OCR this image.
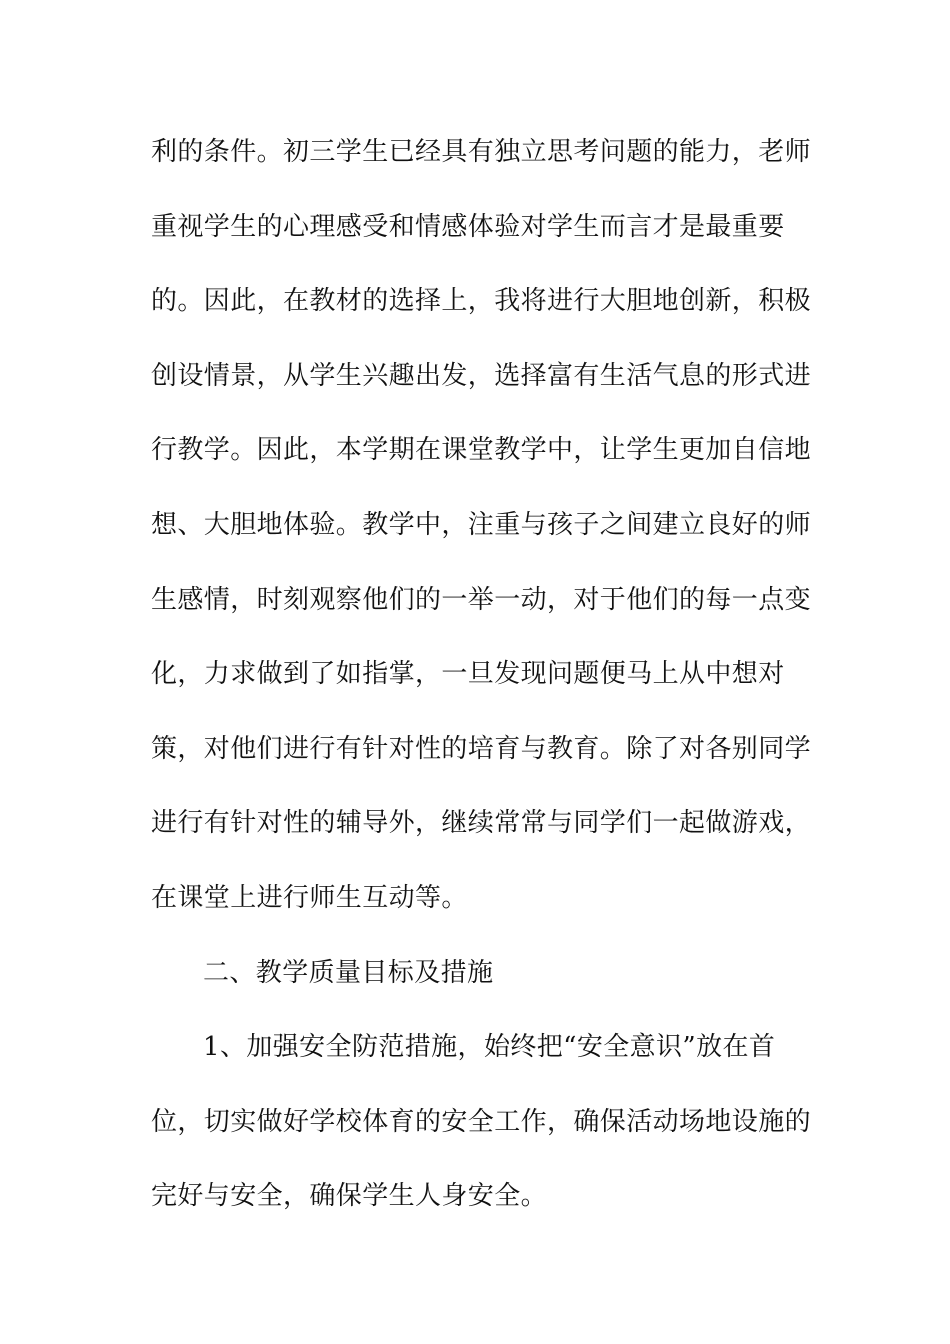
利的条件。初三学生已经具有独立思考问题的能力，老师
重视学生的心理感受和情感体验对学生而言才是最重要
的。因此，在教材的选择上，我将进行大胆地创新，积极
创设情景，从学生兴趣出发，选择富有生活气息的形式进
行教学。因此，本学期在课堂教学中，让学生更加自信地
想、大胆地体验。教学中，注重与孩子之间建立良好的师
生感情，时刻观察他们的一举一动，对于他们的每一点变
化，力求做到了如指掌，一旦发现问题便马上从中想对
策，对他们进行有针对性的培育与教育。除了对各别同学
进行有针对性的辅导外，继续常常与同学们一起做游戏，
在课堂上进行师生互动等。
二、教学质量目标及措施
1、加强安全防范措施，始终把“安全意识”放在首
位，切实做好学校体育的安全工作，确保活动场地设施的
完好与安全，确保学生人身安全。
